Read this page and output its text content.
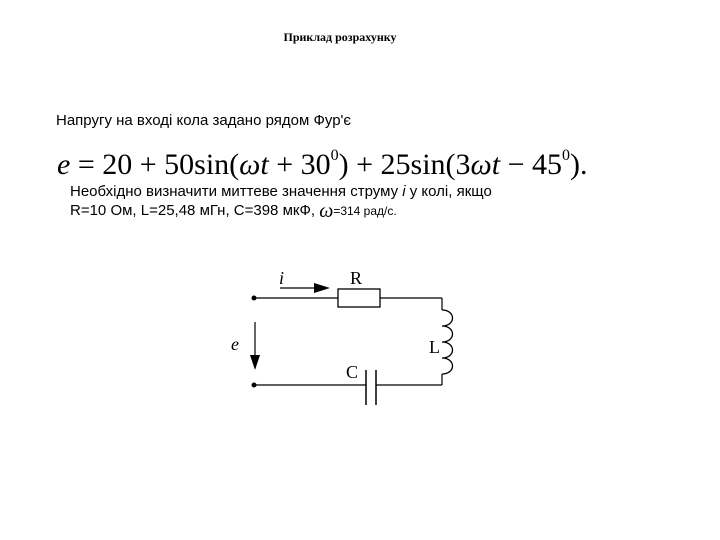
Приклад розрахунку
Напругу на вході кола задано рядом Фур'є
$e = 20 + 50\sin(\omega t + 30^0) + 25\sin(3\omega t - 45^0)$.
Необхідно визначити миттеве значення струму i у колі, якщо
R=10 Ом, L=25,48 мГн, С=398 мкФ, ω=314 рад/с.
i	R
L
C
e
